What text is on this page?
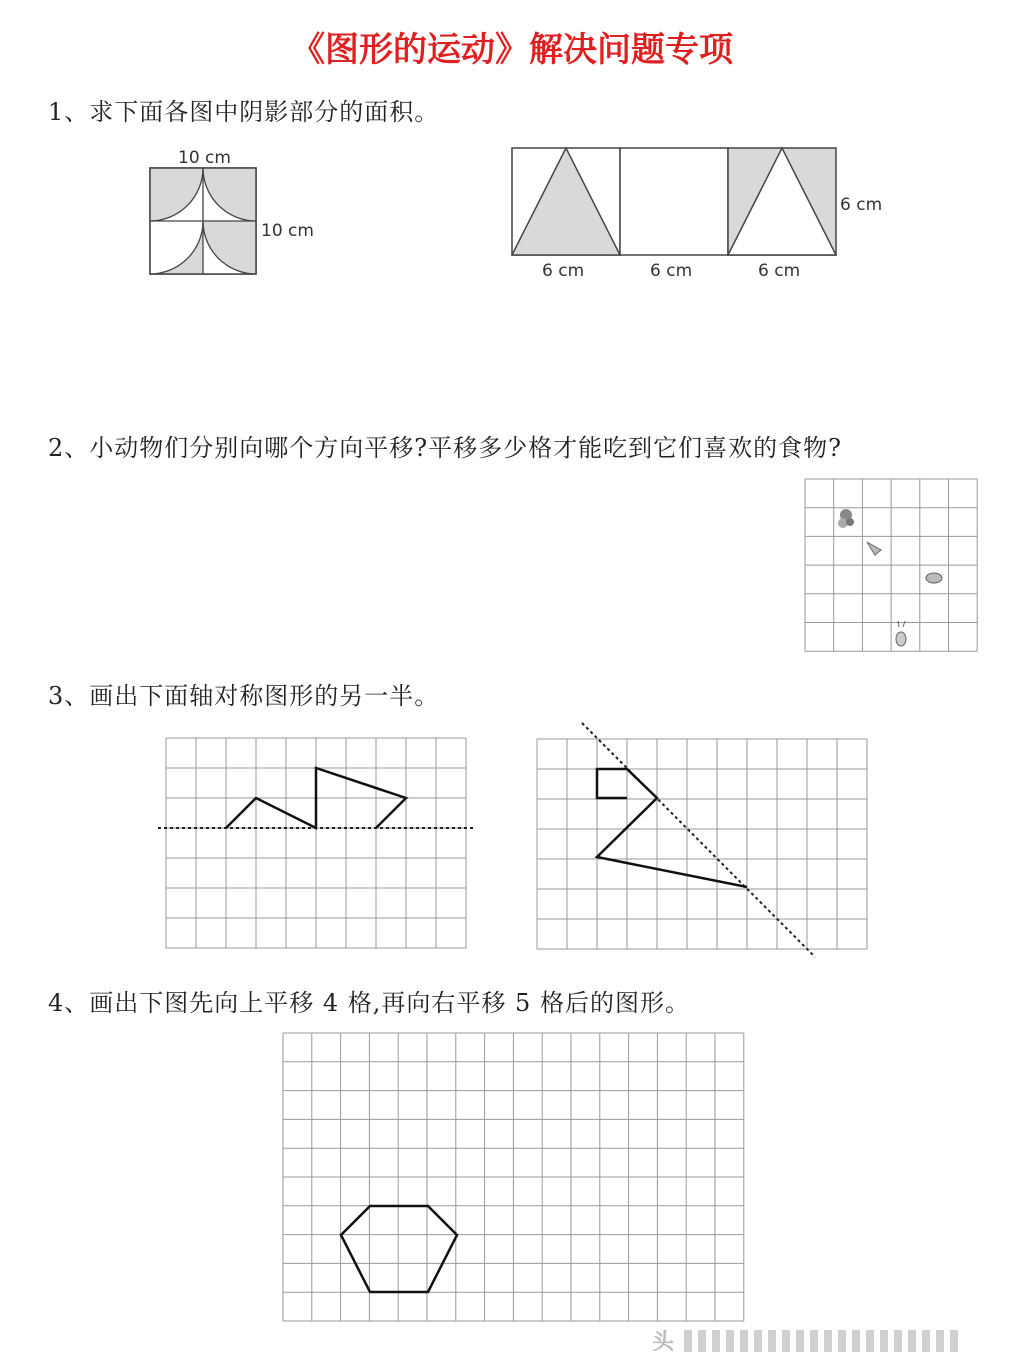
《图形的运动》解决问题专项
1、求下面各图中阴影部分的面积。
2、小动物们分别向哪个方向平移?平移多少格才能吃到它们喜欢的食物?
3、画出下面轴对称图形的另一半。
4、画出下图先向上平移 4 格,再向右平移 5 格后的图形。
10 cm
10 cm
6 cm	6 cm	6 cm
6 cm
头
